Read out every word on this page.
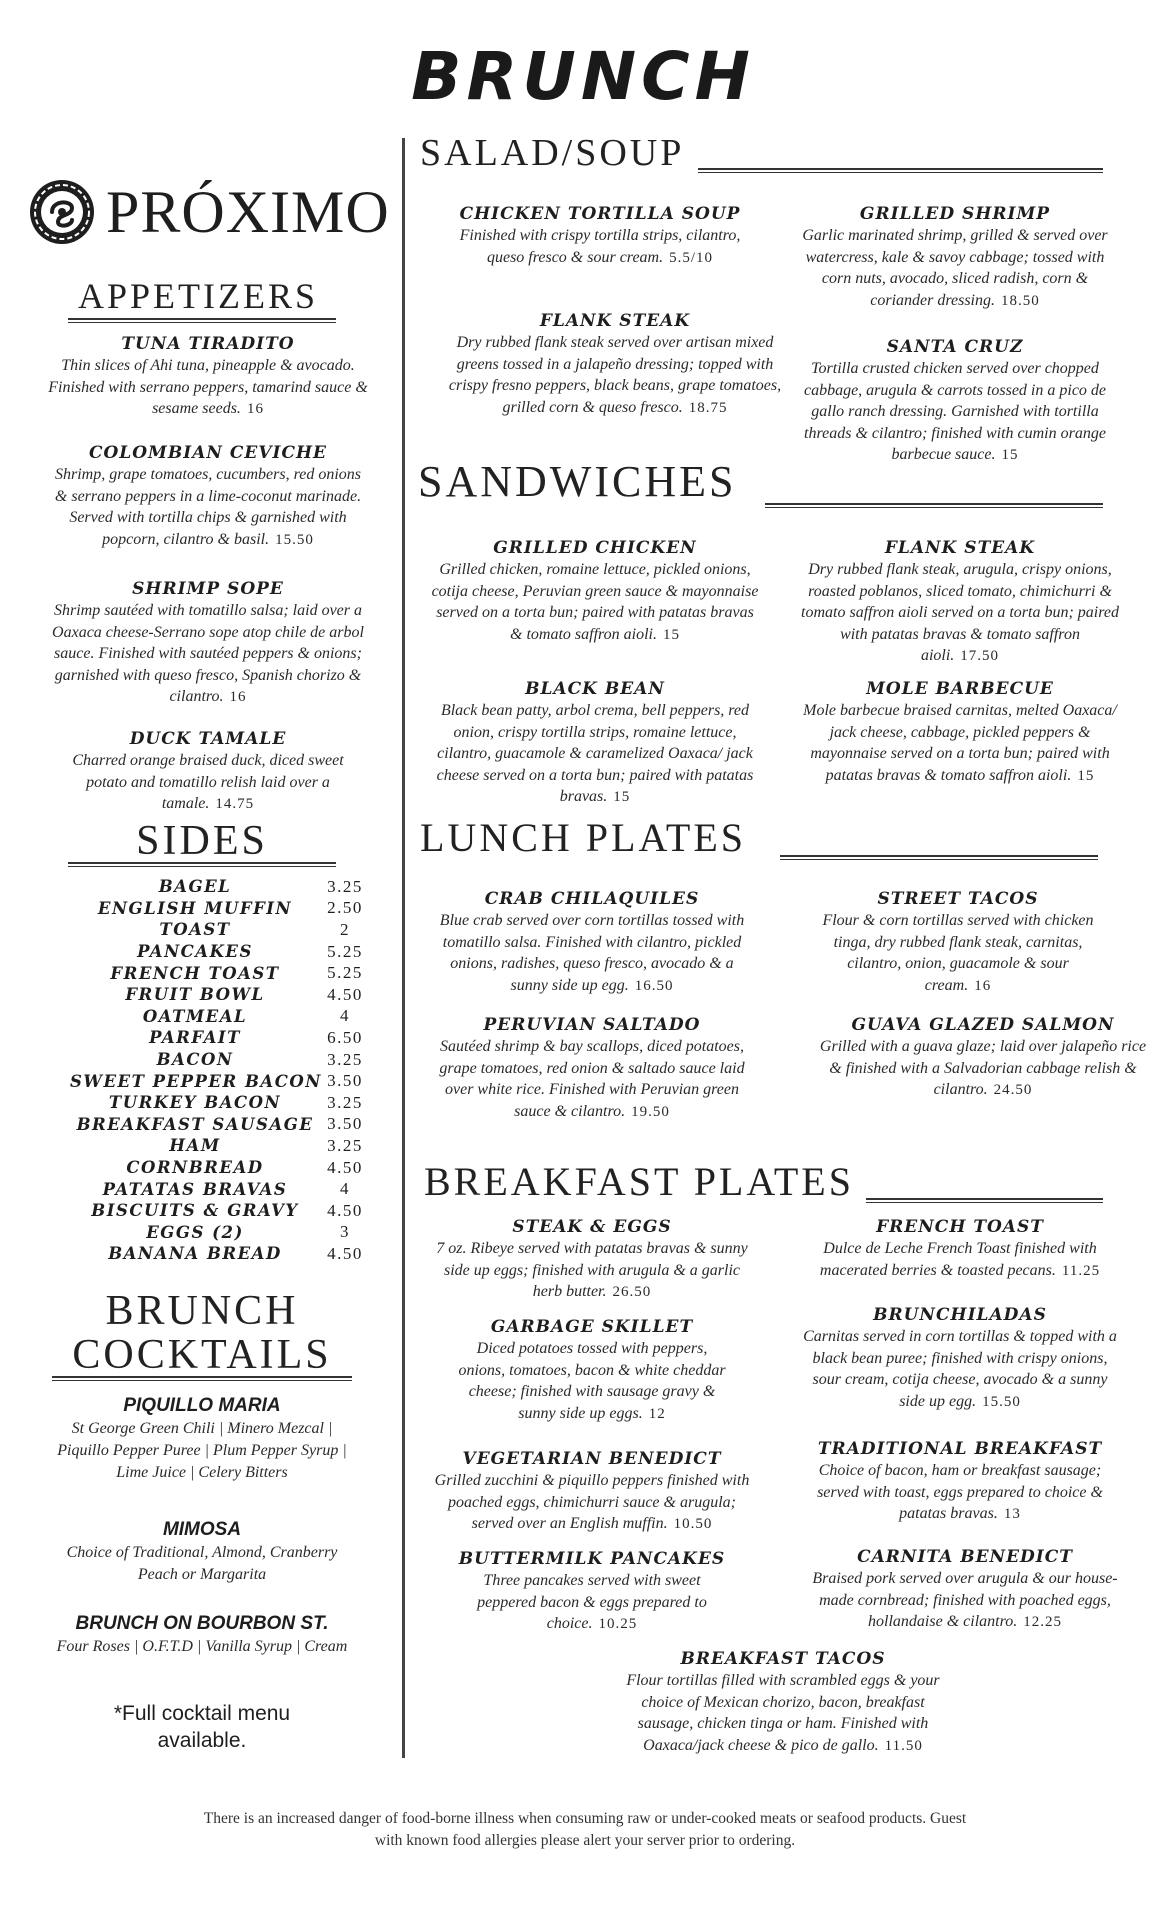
BRUNCH
PRÓXIMO
APPETIZERS
TUNA TIRADITO
Thin slices of Ahi tuna, pineapple & avocado. Finished with serrano peppers, tamarind sauce & sesame seeds. 16
COLOMBIAN CEVICHE
Shrimp, grape tomatoes, cucumbers, red onions & serrano peppers in a lime-coconut marinade. Served with tortilla chips & garnished with popcorn, cilantro & basil. 15.50
SHRIMP SOPE
Shrimp sautéed with tomatillo salsa; laid over a Oaxaca cheese-Serrano sope atop chile de arbol sauce. Finished with sautéed peppers & onions; garnished with queso fresco, Spanish chorizo & cilantro. 16
DUCK TAMALE
Charred orange braised duck, diced sweet potato and tomatillo relish laid over a tamale. 14.75
SIDES
BAGEL	3.25
ENGLISH MUFFIN	2.50
TOAST	2
PANCAKES	5.25
FRENCH TOAST	5.25
FRUIT BOWL	4.50
OATMEAL	4
PARFAIT	6.50
BACON	3.25
SWEET PEPPER BACON 3.50
TURKEY BACON	3.25
BREAKFAST SAUSAGE 3.50
HAM	3.25
CORNBREAD	4.50
PATATAS BRAVAS	4
BISCUITS & GRAVY	4.50
EGGS (2)	3
BANANA BREAD	4.50
BRUNCH
COCKTAILS
PIQUILLO MARIA
St George Green Chili | Minero Mezcal | Piquillo Pepper Puree | Plum Pepper Syrup | Lime Juice | Celery Bitters
MIMOSA
Choice of Traditional, Almond, Cranberry Peach or Margarita
BRUNCH ON BOURBON ST.
Four Roses | O.F.T.D | Vanilla Syrup | Cream
*Full cocktail menu available.
SALAD/SOUP
CHICKEN TORTILLA SOUP
Finished with crispy tortilla strips, cilantro, queso fresco & sour cream. 5.5/10
FLANK STEAK
Dry rubbed flank steak served over artisan mixed greens tossed in a jalapeño dressing; topped with crispy fresno peppers, black beans, grape tomatoes, grilled corn & queso fresco. 18.75
GRILLED SHRIMP
Garlic marinated shrimp, grilled & served over watercress, kale & savoy cabbage; tossed with corn nuts, avocado, sliced radish, corn & coriander dressing. 18.50
SANTA CRUZ
Tortilla crusted chicken served over chopped cabbage, arugula & carrots tossed in a pico de gallo ranch dressing. Garnished with tortilla threads & cilantro; finished with cumin orange barbecue sauce. 15
SANDWICHES
GRILLED CHICKEN
Grilled chicken, romaine lettuce, pickled onions, cotija cheese, Peruvian green sauce & mayonnaise served on a torta bun; paired with patatas bravas & tomato saffron aioli. 15
BLACK BEAN
Black bean patty, arbol crema, bell peppers, red onion, crispy tortilla strips, romaine lettuce, cilantro, guacamole & caramelized Oaxaca/ jack cheese served on a torta bun; paired with patatas bravas. 15
FLANK STEAK
Dry rubbed flank steak, arugula, crispy onions, roasted poblanos, sliced tomato, chimichurri & tomato saffron aioli served on a torta bun; paired with patatas bravas & tomato saffron aioli. 17.50
MOLE BARBECUE
Mole barbecue braised carnitas, melted Oaxaca/ jack cheese, cabbage, pickled peppers & mayonnaise served on a torta bun; paired with patatas bravas & tomato saffron aioli. 15
LUNCH PLATES
CRAB CHILAQUILES
Blue crab served over corn tortillas tossed with tomatillo salsa. Finished with cilantro, pickled onions, radishes, queso fresco, avocado & a sunny side up egg. 16.50
PERUVIAN SALTADO
Sautéed shrimp & bay scallops, diced potatoes, grape tomatoes, red onion & saltado sauce laid over white rice. Finished with Peruvian green sauce & cilantro. 19.50
STREET TACOS
Flour & corn tortillas served with chicken tinga, dry rubbed flank steak, carnitas, cilantro, onion, guacamole & sour cream. 16
GUAVA GLAZED SALMON
Grilled with a guava glaze; laid over jalapeño rice & finished with a Salvadorian cabbage relish & cilantro. 24.50
BREAKFAST PLATES
STEAK & EGGS
7 oz. Ribeye served with patatas bravas & sunny side up eggs; finished with arugula & a garlic herb butter. 26.50
GARBAGE SKILLET
Diced potatoes tossed with peppers, onions, tomatoes, bacon & white cheddar cheese; finished with sausage gravy & sunny side up eggs. 12
VEGETARIAN BENEDICT
Grilled zucchini & piquillo peppers finished with poached eggs, chimichurri sauce & arugula; served over an English muffin. 10.50
BUTTERMILK PANCAKES
Three pancakes served with sweet peppered bacon & eggs prepared to choice. 10.25
FRENCH TOAST
Dulce de Leche French Toast finished with macerated berries & toasted pecans. 11.25
BRUNCHILADAS
Carnitas served in corn tortillas & topped with a black bean puree; finished with crispy onions, sour cream, cotija cheese, avocado & a sunny side up egg. 15.50
TRADITIONAL BREAKFAST
Choice of bacon, ham or breakfast sausage; served with toast, eggs prepared to choice & patatas bravas. 13
CARNITA BENEDICT
Braised pork served over arugula & our house-made cornbread; finished with poached eggs, hollandaise & cilantro. 12.25
BREAKFAST TACOS
Flour tortillas filled with scrambled eggs & your choice of Mexican chorizo, bacon, breakfast sausage, chicken tinga or ham. Finished with Oaxaca/jack cheese & pico de gallo. 11.50
There is an increased danger of food-borne illness when consuming raw or under-cooked meats or seafood products. Guest with known food allergies please alert your server prior to ordering.
